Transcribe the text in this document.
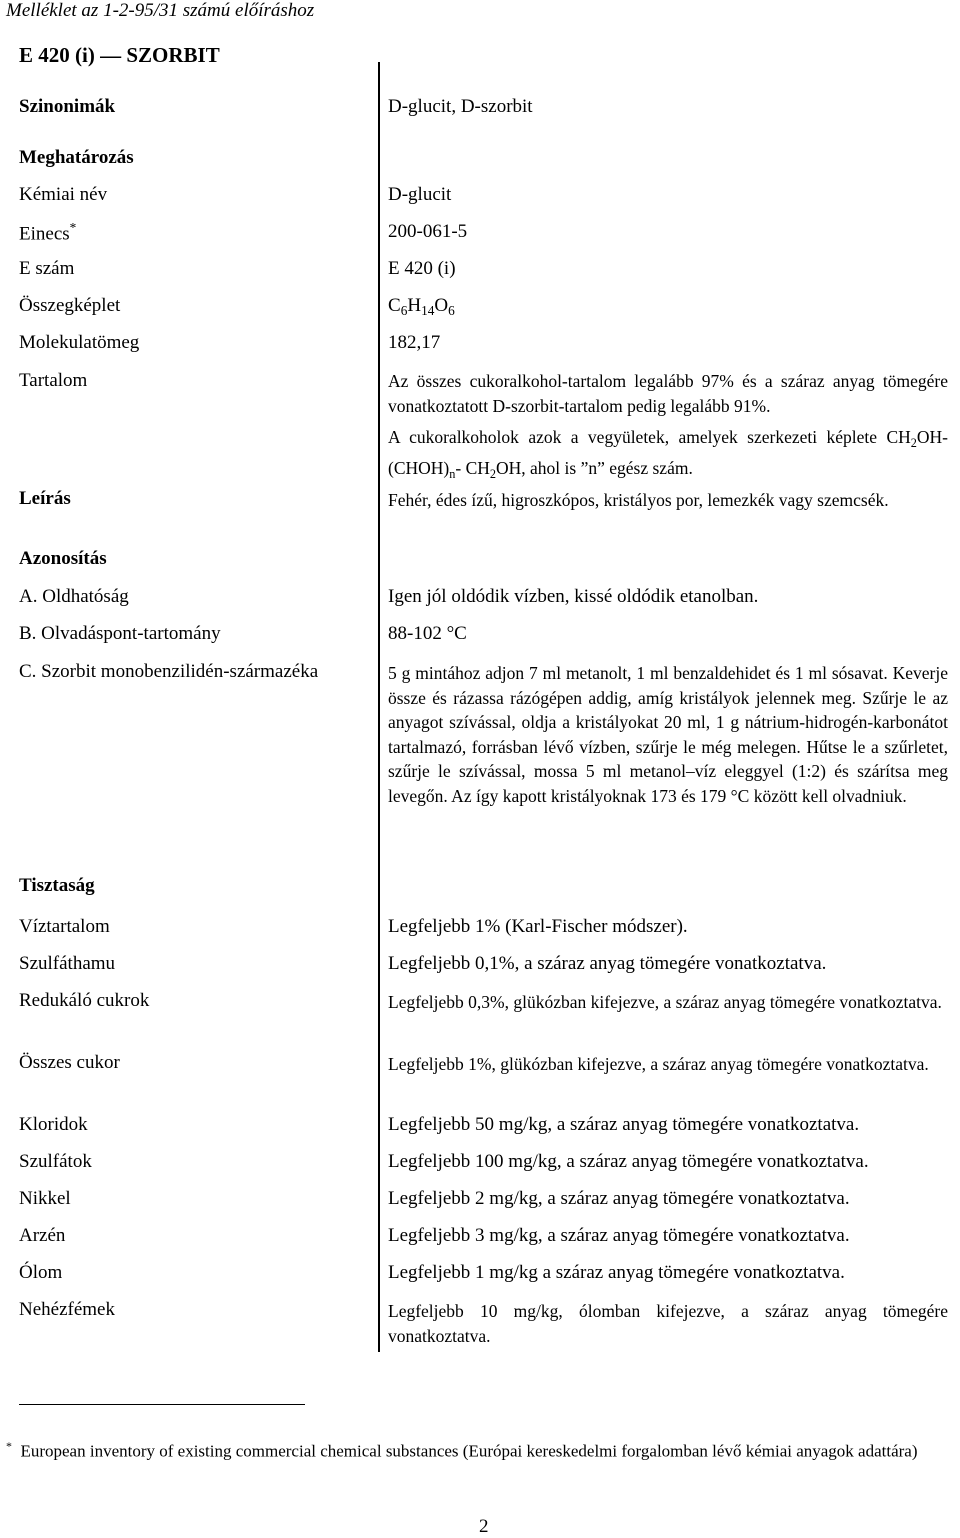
Melléklet az 1-2-95/31 számú előíráshoz
E 420 (i) — SZORBIT
Szinonimák	D-glucit, D-szorbit
Meghatározás
Kémiai név	D-glucit
Einecs*	200-061-5
E szám	E 420 (i)
Összegképlet	$C_6H_{14}O_6$
Molekulatömeg	182,17
Tartalom	Az összes cukoralkohol-tartalom legalább 97% és a száraz anyag tömegére vonatkoztatott D-szorbit-tartalom pedig legalább 91%.
A cukoralkoholok azok a vegyületek, amelyek szerkezeti képlete $CH_2OH-(CHOH)_n-$ $CH_2OH$, ahol is ”n” egész szám.
Leírás	Fehér, édes ízű, higroszkópos, kristályos por, lemezkék vagy szemcsék.
Azonosítás
A. Oldhatóság	Igen jól oldódik vízben, kissé oldódik etanolban.
B. Olvadáspont-tartomány	88-102 °C
C. Szorbit monobenzilidén-származéka	5 g mintához adjon 7 ml metanolt, 1 ml benzaldehidet és 1 ml sósavat. Keverje össze és rázassa rázógépen addig, amíg kristályok jelennek meg. Szűrje le az anyagot szívással, oldja a kristályokat 20 ml, 1 g nátrium-hidrogén-karbonátot tartalmazó, forrásban lévő vízben, szűrje le még melegen. Hűtse le a szűrletet, szűrje le szívással, mossa 5 ml metanol–víz eleggyel (1:2) és szárítsa meg levegőn. Az így kapott kristályoknak 173 és 179 °C között kell olvadniuk.
Tisztaság
Víztartalom	Legfeljebb 1% (Karl-Fischer módszer).
Szulfáthamu	Legfeljebb 0,1%, a száraz anyag tömegére vonatkoztatva.
Redukáló cukrok	Legfeljebb 0,3%, glükózban kifejezve, a száraz anyag tömegére vonatkoztatva.
Összes cukor	Legfeljebb 1%, glükózban kifejezve, a száraz anyag tömegére vonatkoztatva.
Kloridok	Legfeljebb 50 mg/kg, a száraz anyag tömegére vonatkoztatva.
Szulfátok	Legfeljebb 100 mg/kg, a száraz anyag tömegére vonatkoztatva.
Nikkel	Legfeljebb 2 mg/kg, a száraz anyag tömegére vonatkoztatva.
Arzén	Legfeljebb 3 mg/kg, a száraz anyag tömegére vonatkoztatva.
Ólom	Legfeljebb 1 mg/kg a száraz anyag tömegére vonatkoztatva.
Nehézfémek	Legfeljebb 10 mg/kg, ólomban kifejezve, a száraz anyag tömegére vonatkoztatva.
* European inventory of existing commercial chemical substances (Európai kereskedelmi forgalomban lévő kémiai anyagok adattára)
2
